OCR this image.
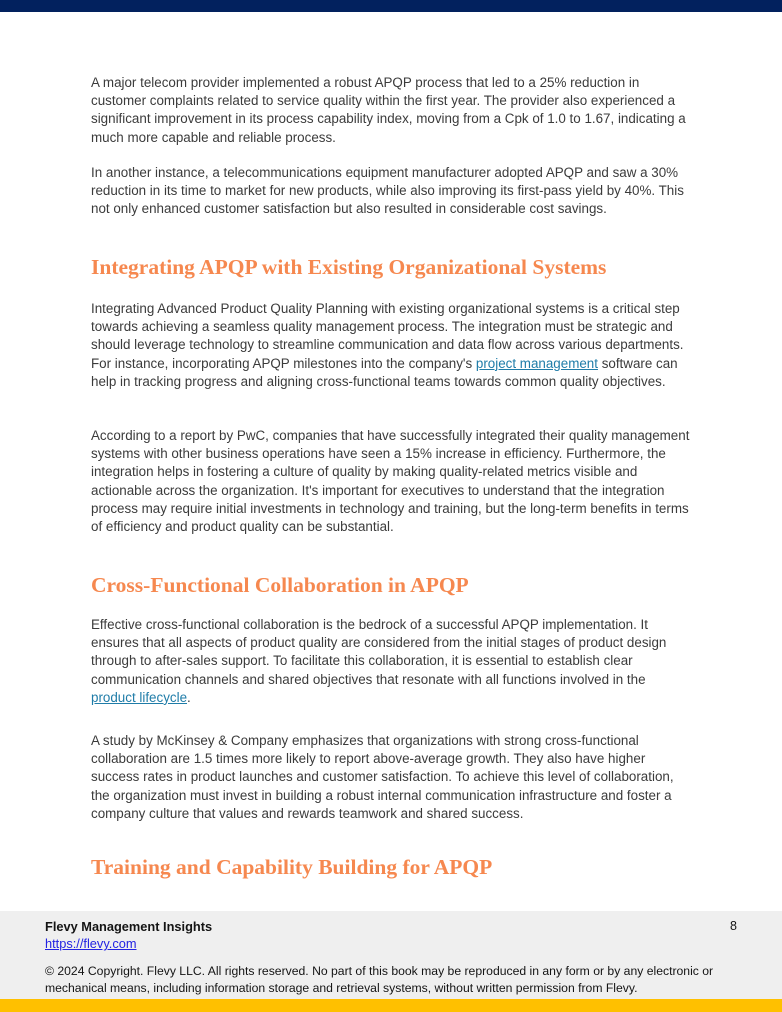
A major telecom provider implemented a robust APQP process that led to a 25% reduction in customer complaints related to service quality within the first year. The provider also experienced a significant improvement in its process capability index, moving from a Cpk of 1.0 to 1.67, indicating a much more capable and reliable process.

In another instance, a telecommunications equipment manufacturer adopted APQP and saw a 30% reduction in its time to market for new products, while also improving its first-pass yield by 40%. This not only enhanced customer satisfaction but also resulted in considerable cost savings.

Integrating APQP with Existing Organizational Systems

Integrating Advanced Product Quality Planning with existing organizational systems is a critical step towards achieving a seamless quality management process. The integration must be strategic and should leverage technology to streamline communication and data flow across various departments. For instance, incorporating APQP milestones into the company's project management software can help in tracking progress and aligning cross-functional teams towards common quality objectives.

According to a report by PwC, companies that have successfully integrated their quality management systems with other business operations have seen a 15% increase in efficiency. Furthermore, the integration helps in fostering a culture of quality by making quality-related metrics visible and actionable across the organization. It's important for executives to understand that the integration process may require initial investments in technology and training, but the long-term benefits in terms of efficiency and product quality can be substantial.

Cross-Functional Collaboration in APQP

Effective cross-functional collaboration is the bedrock of a successful APQP implementation. It ensures that all aspects of product quality are considered from the initial stages of product design through to after-sales support. To facilitate this collaboration, it is essential to establish clear communication channels and shared objectives that resonate with all functions involved in the product lifecycle.

A study by McKinsey & Company emphasizes that organizations with strong cross-functional collaboration are 1.5 times more likely to report above-average growth. They also have higher success rates in product launches and customer satisfaction. To achieve this level of collaboration, the organization must invest in building a robust internal communication infrastructure and foster a company culture that values and rewards teamwork and shared success.

Training and Capability Building for APQP
Flevy Management Insights
https://flevy.com
8

© 2024 Copyright. Flevy LLC. All rights reserved. No part of this book may be reproduced in any form or by any electronic or mechanical means, including information storage and retrieval systems, without written permission from Flevy.
